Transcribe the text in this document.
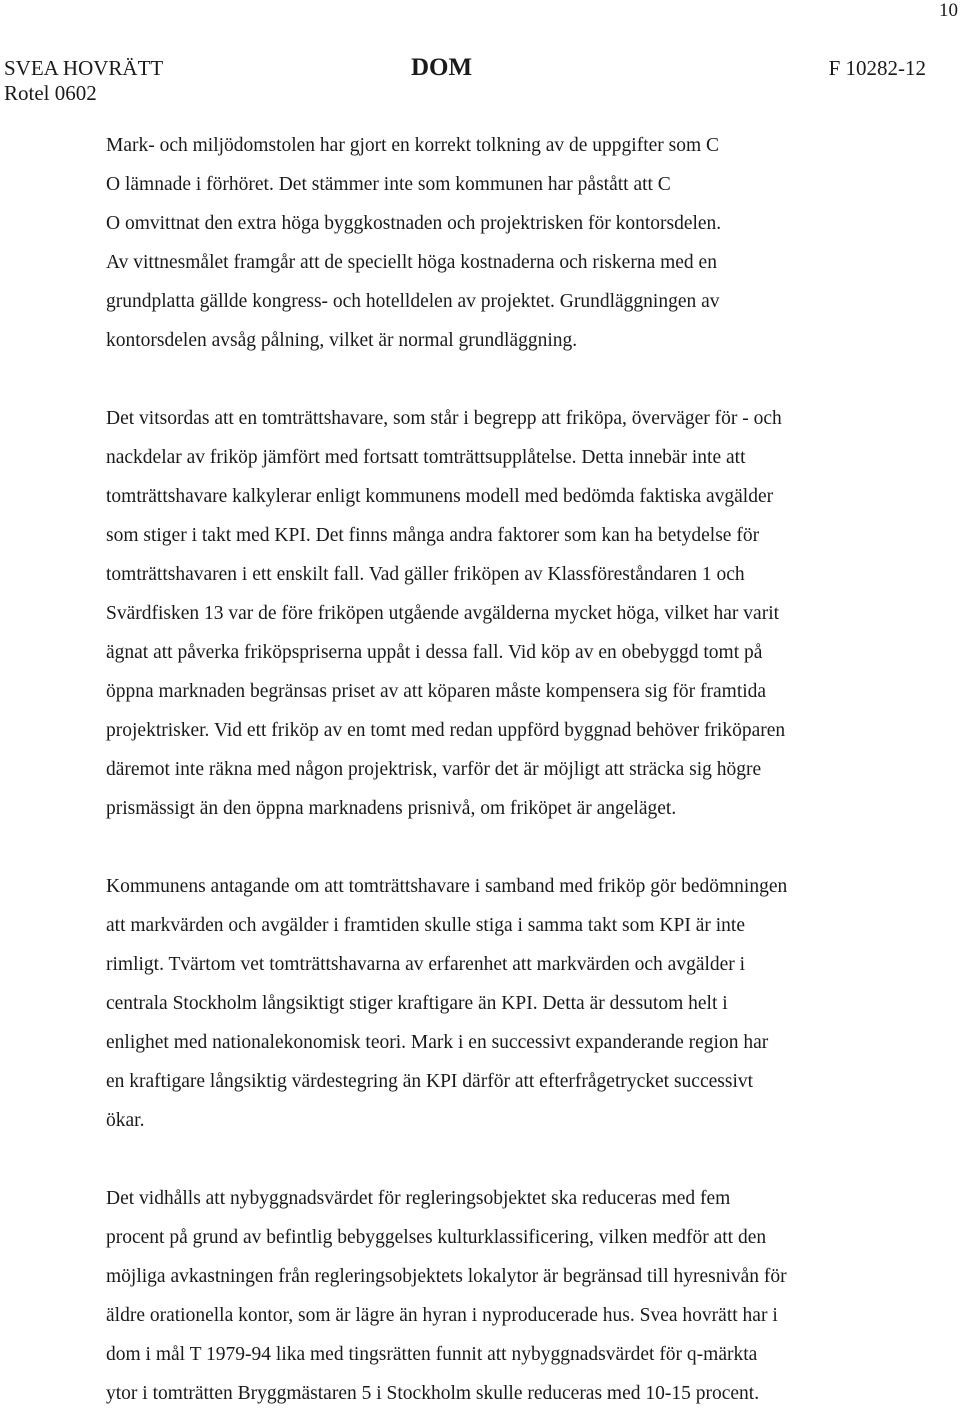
10
SVEA HOVRÄTT
Rotel 0602
DOM	F 10282-12

Mark- och miljödomstolen har gjort en korrekt tolkning av de uppgifter som C
O lämnade i förhöret. Det stämmer inte som kommunen har påstått att C
O omvittnat den extra höga byggkostnaden och projektrisken för kontorsdelen.
Av vittnesmålet framgår att de speciellt höga kostnaderna och riskerna med en
grundplatta gällde kongress- och hotelldelen av projektet. Grundläggningen av
kontorsdelen avsåg pålning, vilket är normal grundläggning.

Det vitsordas att en tomträttshavare, som står i begrepp att friköpa, överväger för - och
nackdelar av friköp jämfört med fortsatt tomträttsupplåtelse. Detta innebär inte att
tomträttshavare kalkylerar enligt kommunens modell med bedömda faktiska avgälder
som stiger i takt med KPI. Det finns många andra faktorer som kan ha betydelse för
tomträttshavaren i ett enskilt fall. Vad gäller friköpen av Klassföreståndaren 1 och
Svärdfisken 13 var de före friköpen utgående avgälderna mycket höga, vilket har varit
ägnat att påverka friköpspriserna uppåt i dessa fall. Vid köp av en obebyggd tomt på
öppna marknaden begränsas priset av att köparen måste kompensera sig för framtida
projektrisker. Vid ett friköp av en tomt med redan uppförd byggnad behöver friköparen
däremot inte räkna med någon projektrisk, varför det är möjligt att sträcka sig högre
prismässigt än den öppna marknadens prisnivå, om friköpet är angeläget.

Kommunens antagande om att tomträttshavare i samband med friköp gör bedömningen
att markvärden och avgälder i framtiden skulle stiga i samma takt som KPI är inte
rimligt. Tvärtom vet tomträttshavarna av erfarenhet att markvärden och avgälder i
centrala Stockholm långsiktigt stiger kraftigare än KPI. Detta är dessutom helt i
enlighet med nationalekonomisk teori. Mark i en successivt expanderande region har
en kraftigare långsiktig värdestegring än KPI därför att efterfrågetrycket successivt
ökar.

Det vidhålls att nybyggnadsvärdet för regleringsobjektet ska reduceras med fem
procent på grund av befintlig bebyggelses kulturklassificering, vilken medför att den
möjliga avkastningen från regleringsobjektets lokalytor är begränsad till hyresnivån för
äldre orationella kontor, som är lägre än hyran i nyproducerade hus. Svea hovrätt har i
dom i mål T 1979-94 lika med tingsrätten funnit att nybyggnadsvärdet för q-märkta
ytor i tomträtten Bryggmästaren 5 i Stockholm skulle reduceras med 10-15 procent.
